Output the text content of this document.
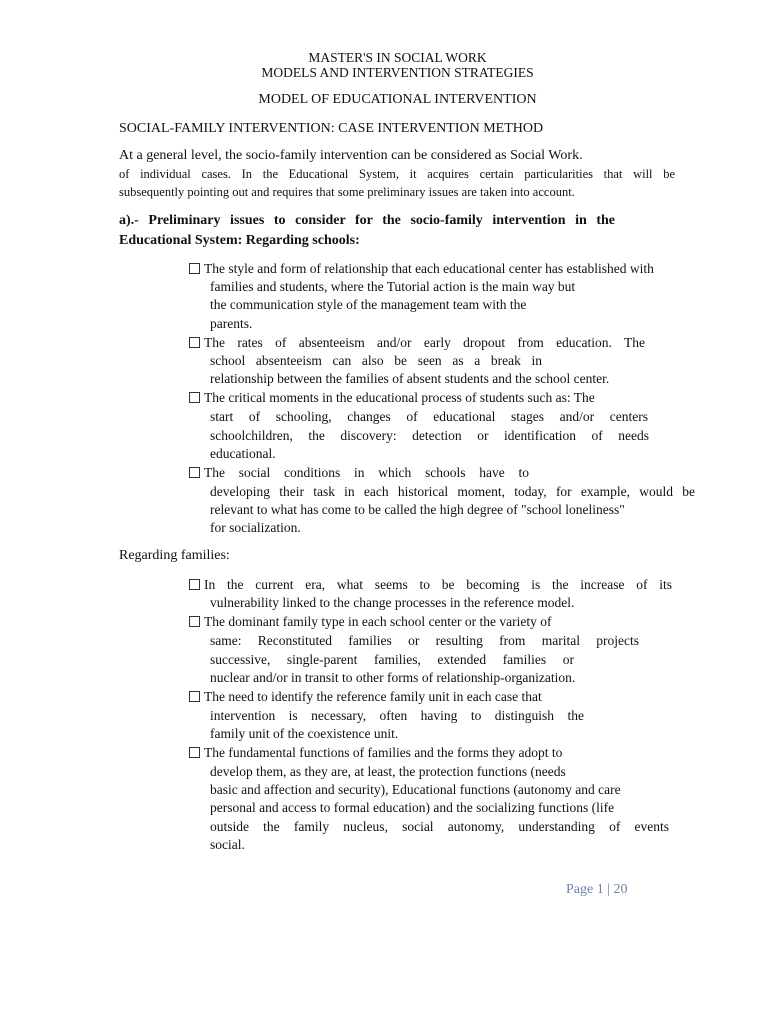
MASTER'S IN SOCIAL WORK
MODELS AND INTERVENTION STRATEGIES
MODEL OF EDUCATIONAL INTERVENTION
SOCIAL-FAMILY INTERVENTION: CASE INTERVENTION METHOD
At a general level, the socio-family intervention can be considered as Social Work.
of individual cases. In the Educational System, it acquires certain particularities that will be
subsequently pointing out and requires that some preliminary issues are taken into account.
a).- Preliminary issues to consider for the socio-family intervention in the
Educational System: Regarding schools:
The style and form of relationship that each educational center has established with
families and students, where the Tutorial action is the main way but
the communication style of the management team with the
parents.
The rates of absenteeism and/or early dropout from education. The
school absenteeism can also be seen as a break in
relationship between the families of absent students and the school center.
The critical moments in the educational process of students such as: The
start of schooling, changes of educational stages and/or centers
schoolchildren, the discovery: detection or identification of needs
educational.
The social conditions in which schools have to
developing their task in each historical moment, today, for example, would be
relevant to what has come to be called the high degree of "school loneliness"
for socialization.
Regarding families:
In the current era, what seems to be becoming is the increase of its
vulnerability linked to the change processes in the reference model.
The dominant family type in each school center or the variety of
same: Reconstituted families or resulting from marital projects
successive, single-parent families, extended families or
nuclear and/or in transit to other forms of relationship-organization.
The need to identify the reference family unit in each case that
intervention is necessary, often having to distinguish the
family unit of the coexistence unit.
The fundamental functions of families and the forms they adopt to
develop them, as they are, at least, the protection functions (needs
basic and affection and security), Educational functions (autonomy and care
personal and access to formal education) and the socializing functions (life
outside the family nucleus, social autonomy, understanding of events
social.
Page 1 | 20
